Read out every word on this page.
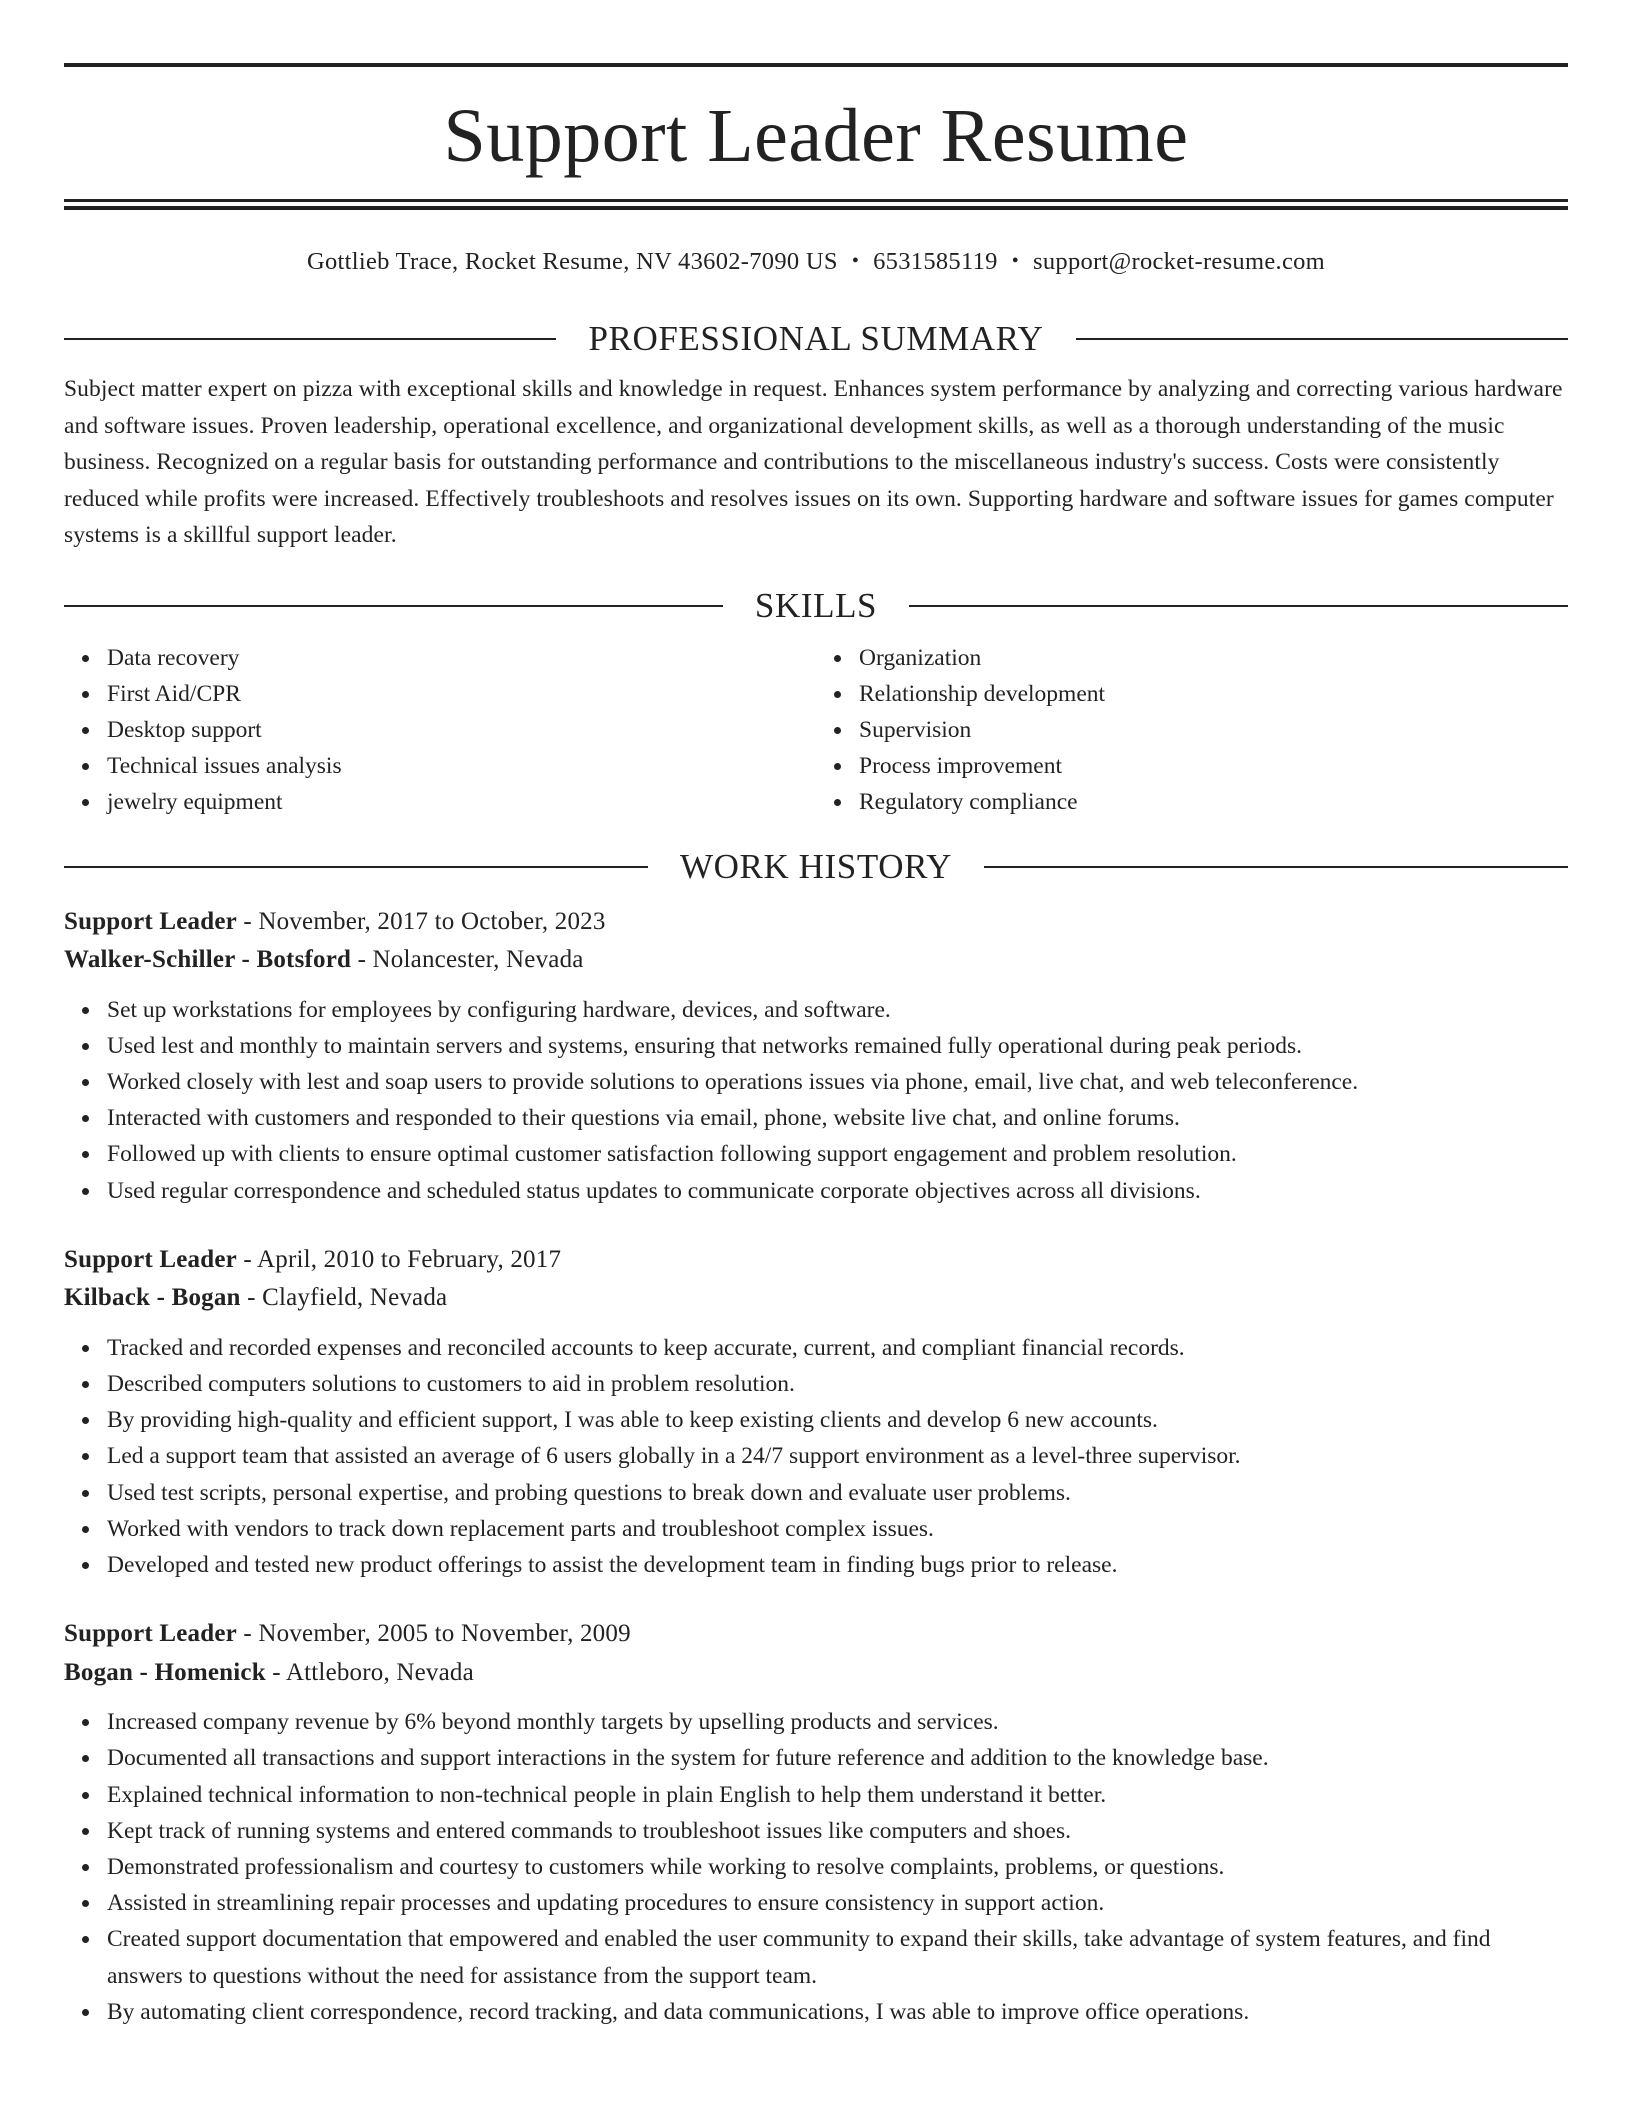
Support Leader Resume
Gottlieb Trace, Rocket Resume, NV 43602-7090 US • 6531585119 • support@rocket-resume.com
PROFESSIONAL SUMMARY

Subject matter expert on pizza with exceptional skills and knowledge in request. Enhances system performance by analyzing and correcting various hardware and software issues. Proven leadership, operational excellence, and organizational development skills, as well as a thorough understanding of the music business. Recognized on a regular basis for outstanding performance and contributions to the miscellaneous industry's success. Costs were consistently reduced while profits were increased. Effectively troubleshoots and resolves issues on its own. Supporting hardware and software issues for games computer systems is a skillful support leader.

SKILLS
Data recovery
First Aid/CPR
Desktop support
Technical issues analysis
jewelry equipment
Organization
Relationship development
Supervision
Process improvement
Regulatory compliance
WORK HISTORY
Support Leader - November, 2017 to October, 2023
Walker-Schiller - Botsford - Nolancester, Nevada
Set up workstations for employees by configuring hardware, devices, and software.
Used lest and monthly to maintain servers and systems, ensuring that networks remained fully operational during peak periods.
Worked closely with lest and soap users to provide solutions to operations issues via phone, email, live chat, and web teleconference.
Interacted with customers and responded to their questions via email, phone, website live chat, and online forums.
Followed up with clients to ensure optimal customer satisfaction following support engagement and problem resolution.
Used regular correspondence and scheduled status updates to communicate corporate objectives across all divisions.
Support Leader - April, 2010 to February, 2017
Kilback - Bogan - Clayfield, Nevada
Tracked and recorded expenses and reconciled accounts to keep accurate, current, and compliant financial records.
Described computers solutions to customers to aid in problem resolution.
By providing high-quality and efficient support, I was able to keep existing clients and develop 6 new accounts.
Led a support team that assisted an average of 6 users globally in a 24/7 support environment as a level-three supervisor.
Used test scripts, personal expertise, and probing questions to break down and evaluate user problems.
Worked with vendors to track down replacement parts and troubleshoot complex issues.
Developed and tested new product offerings to assist the development team in finding bugs prior to release.
Support Leader - November, 2005 to November, 2009
Bogan - Homenick - Attleboro, Nevada
Increased company revenue by 6% beyond monthly targets by upselling products and services.
Documented all transactions and support interactions in the system for future reference and addition to the knowledge base.
Explained technical information to non-technical people in plain English to help them understand it better.
Kept track of running systems and entered commands to troubleshoot issues like computers and shoes.
Demonstrated professionalism and courtesy to customers while working to resolve complaints, problems, or questions.
Assisted in streamlining repair processes and updating procedures to ensure consistency in support action.
Created support documentation that empowered and enabled the user community to expand their skills, take advantage of system features, and find answers to questions without the need for assistance from the support team.
By automating client correspondence, record tracking, and data communications, I was able to improve office operations.
